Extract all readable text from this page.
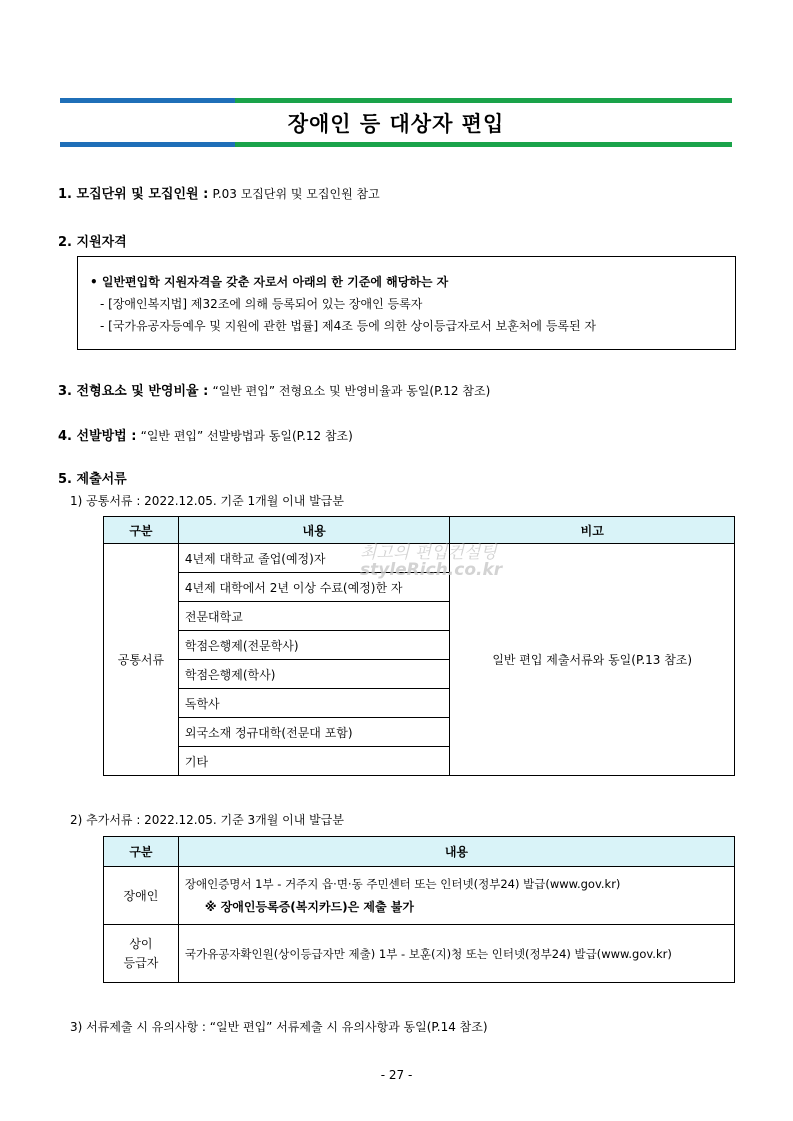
장애인 등 대상자 편입
1. 모집단위 및 모집인원 : P.03 모집단위 및 모집인원 참고
2. 지원자격
• 일반편입학 지원자격을 갖춘 자로서 아래의 한 기준에 해당하는 자
- [장애인복지법] 제32조에 의해 등록되어 있는 장애인 등록자
- [국가유공자등예우 및 지원에 관한 법률] 제4조 등에 의한 상이등급자로서 보훈처에 등록된 자
3. 전형요소 및 반영비율 : “일반 편입” 전형요소 및 반영비율과 동일(P.12 참조)
4. 선발방법 : “일반 편입” 선발방법과 동일(P.12 참조)
5. 제출서류
1) 공통서류 : 2022.12.05. 기준 1개월 이내 발급분
구분	내용	비고
공통서류	4년제 대학교 졸업(예정)자	일반 편입 제출서류와 동일(P.13 참조)
	4년제 대학에서 2년 이상 수료(예정)한 자	
	전문대학교	
	학점은행제(전문학사)	
	학점은행제(학사)	
	독학사	
	외국소재 정규대학(전문대 포함)	
	기타	
최고의 편입컨설팅
styleRich.co.kr
2) 추가서류 : 2022.12.05. 기준 3개월 이내 발급분
구분	내용
장애인	장애인증명서 1부 - 거주지 읍·면·동 주민센터 또는 인터넷(정부24) 발급(www.gov.kr)
※ 장애인등록증(복지카드)은 제출 불가

상이
등급자	국가유공자확인원(상이등급자만 제출) 1부 - 보훈(지)청 또는 인터넷(정부24) 발급(www.gov.kr)
3) 서류제출 시 유의사항 : “일반 편입” 서류제출 시 유의사항과 동일(P.14 참조)
- 27 -
